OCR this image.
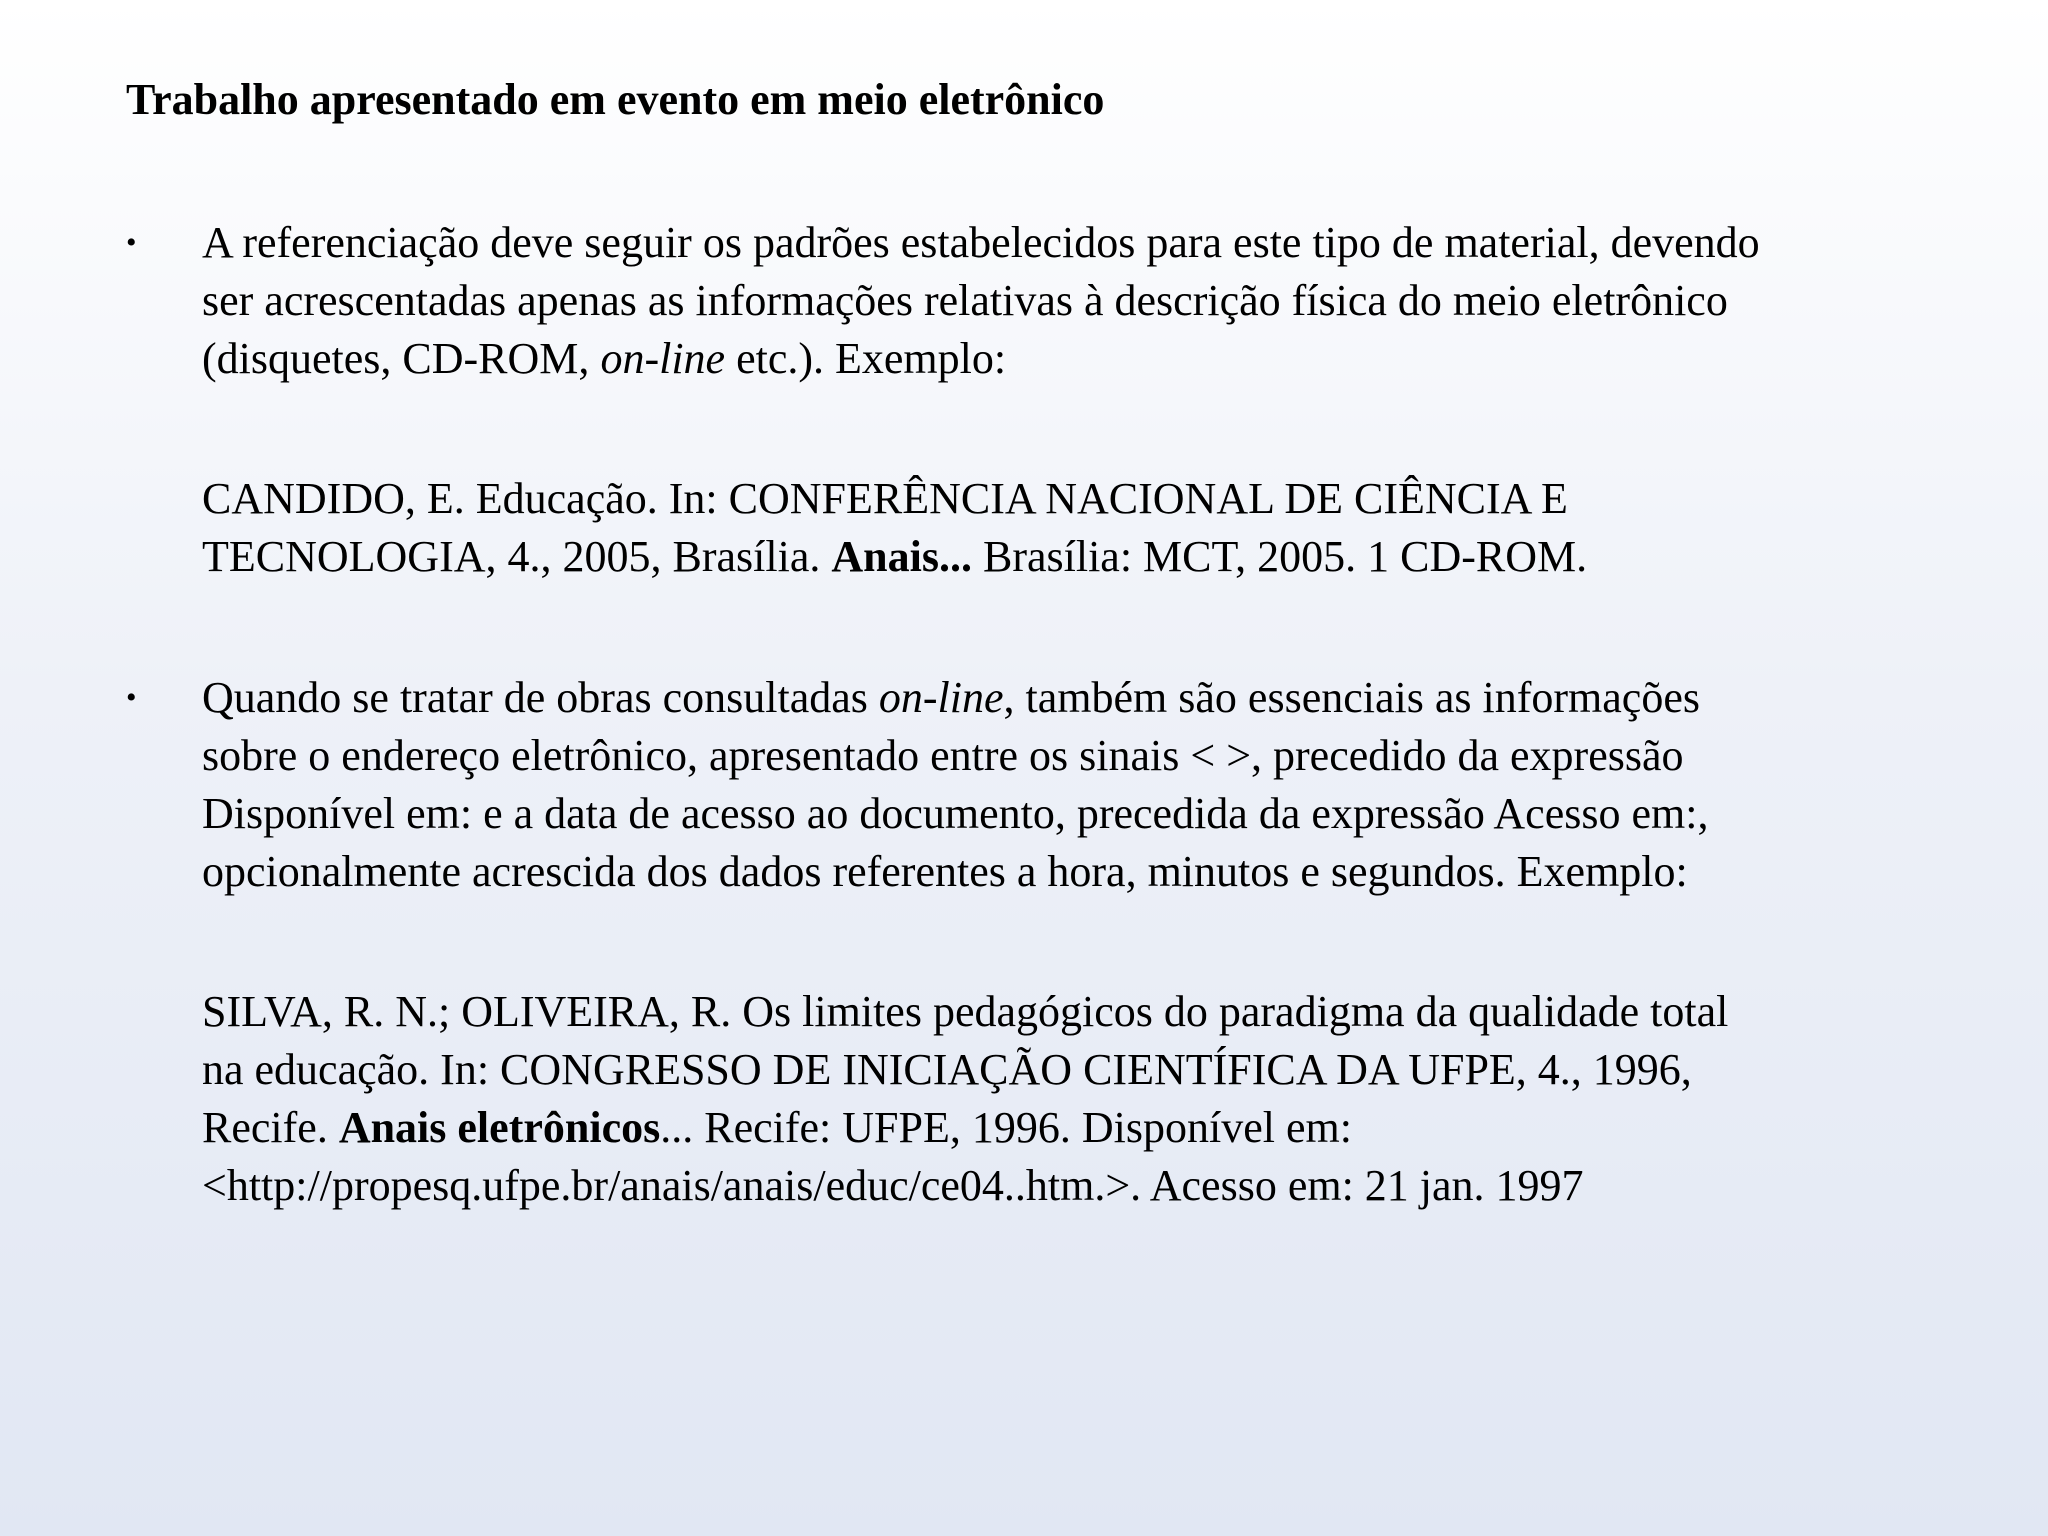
Trabalho apresentado em evento em meio eletrônico
• A referenciação deve seguir os padrões estabelecidos para este tipo de material, devendo
ser acrescentadas apenas as informações relativas à descrição física do meio eletrônico
(disquetes, CD-ROM, on-line etc.). Exemplo:
CANDIDO, E. Educação. In: CONFERÊNCIA NACIONAL DE CIÊNCIA E
TECNOLOGIA, 4., 2005, Brasília. Anais... Brasília: MCT, 2005. 1 CD-ROM.
• Quando se tratar de obras consultadas on-line, também são essenciais as informações
sobre o endereço eletrônico, apresentado entre os sinais < >, precedido da expressão
Disponível em: e a data de acesso ao documento, precedida da expressão Acesso em:,
opcionalmente acrescida dos dados referentes a hora, minutos e segundos. Exemplo:
SILVA, R. N.; OLIVEIRA, R. Os limites pedagógicos do paradigma da qualidade total
na educação. In: CONGRESSO DE INICIAÇÃO CIENTÍFICA DA UFPE, 4., 1996,
Recife. Anais eletrônicos... Recife: UFPE, 1996. Disponível em:
<http://propesq.ufpe.br/anais/anais/educ/ce04..htm.>. Acesso em: 21 jan. 1997
